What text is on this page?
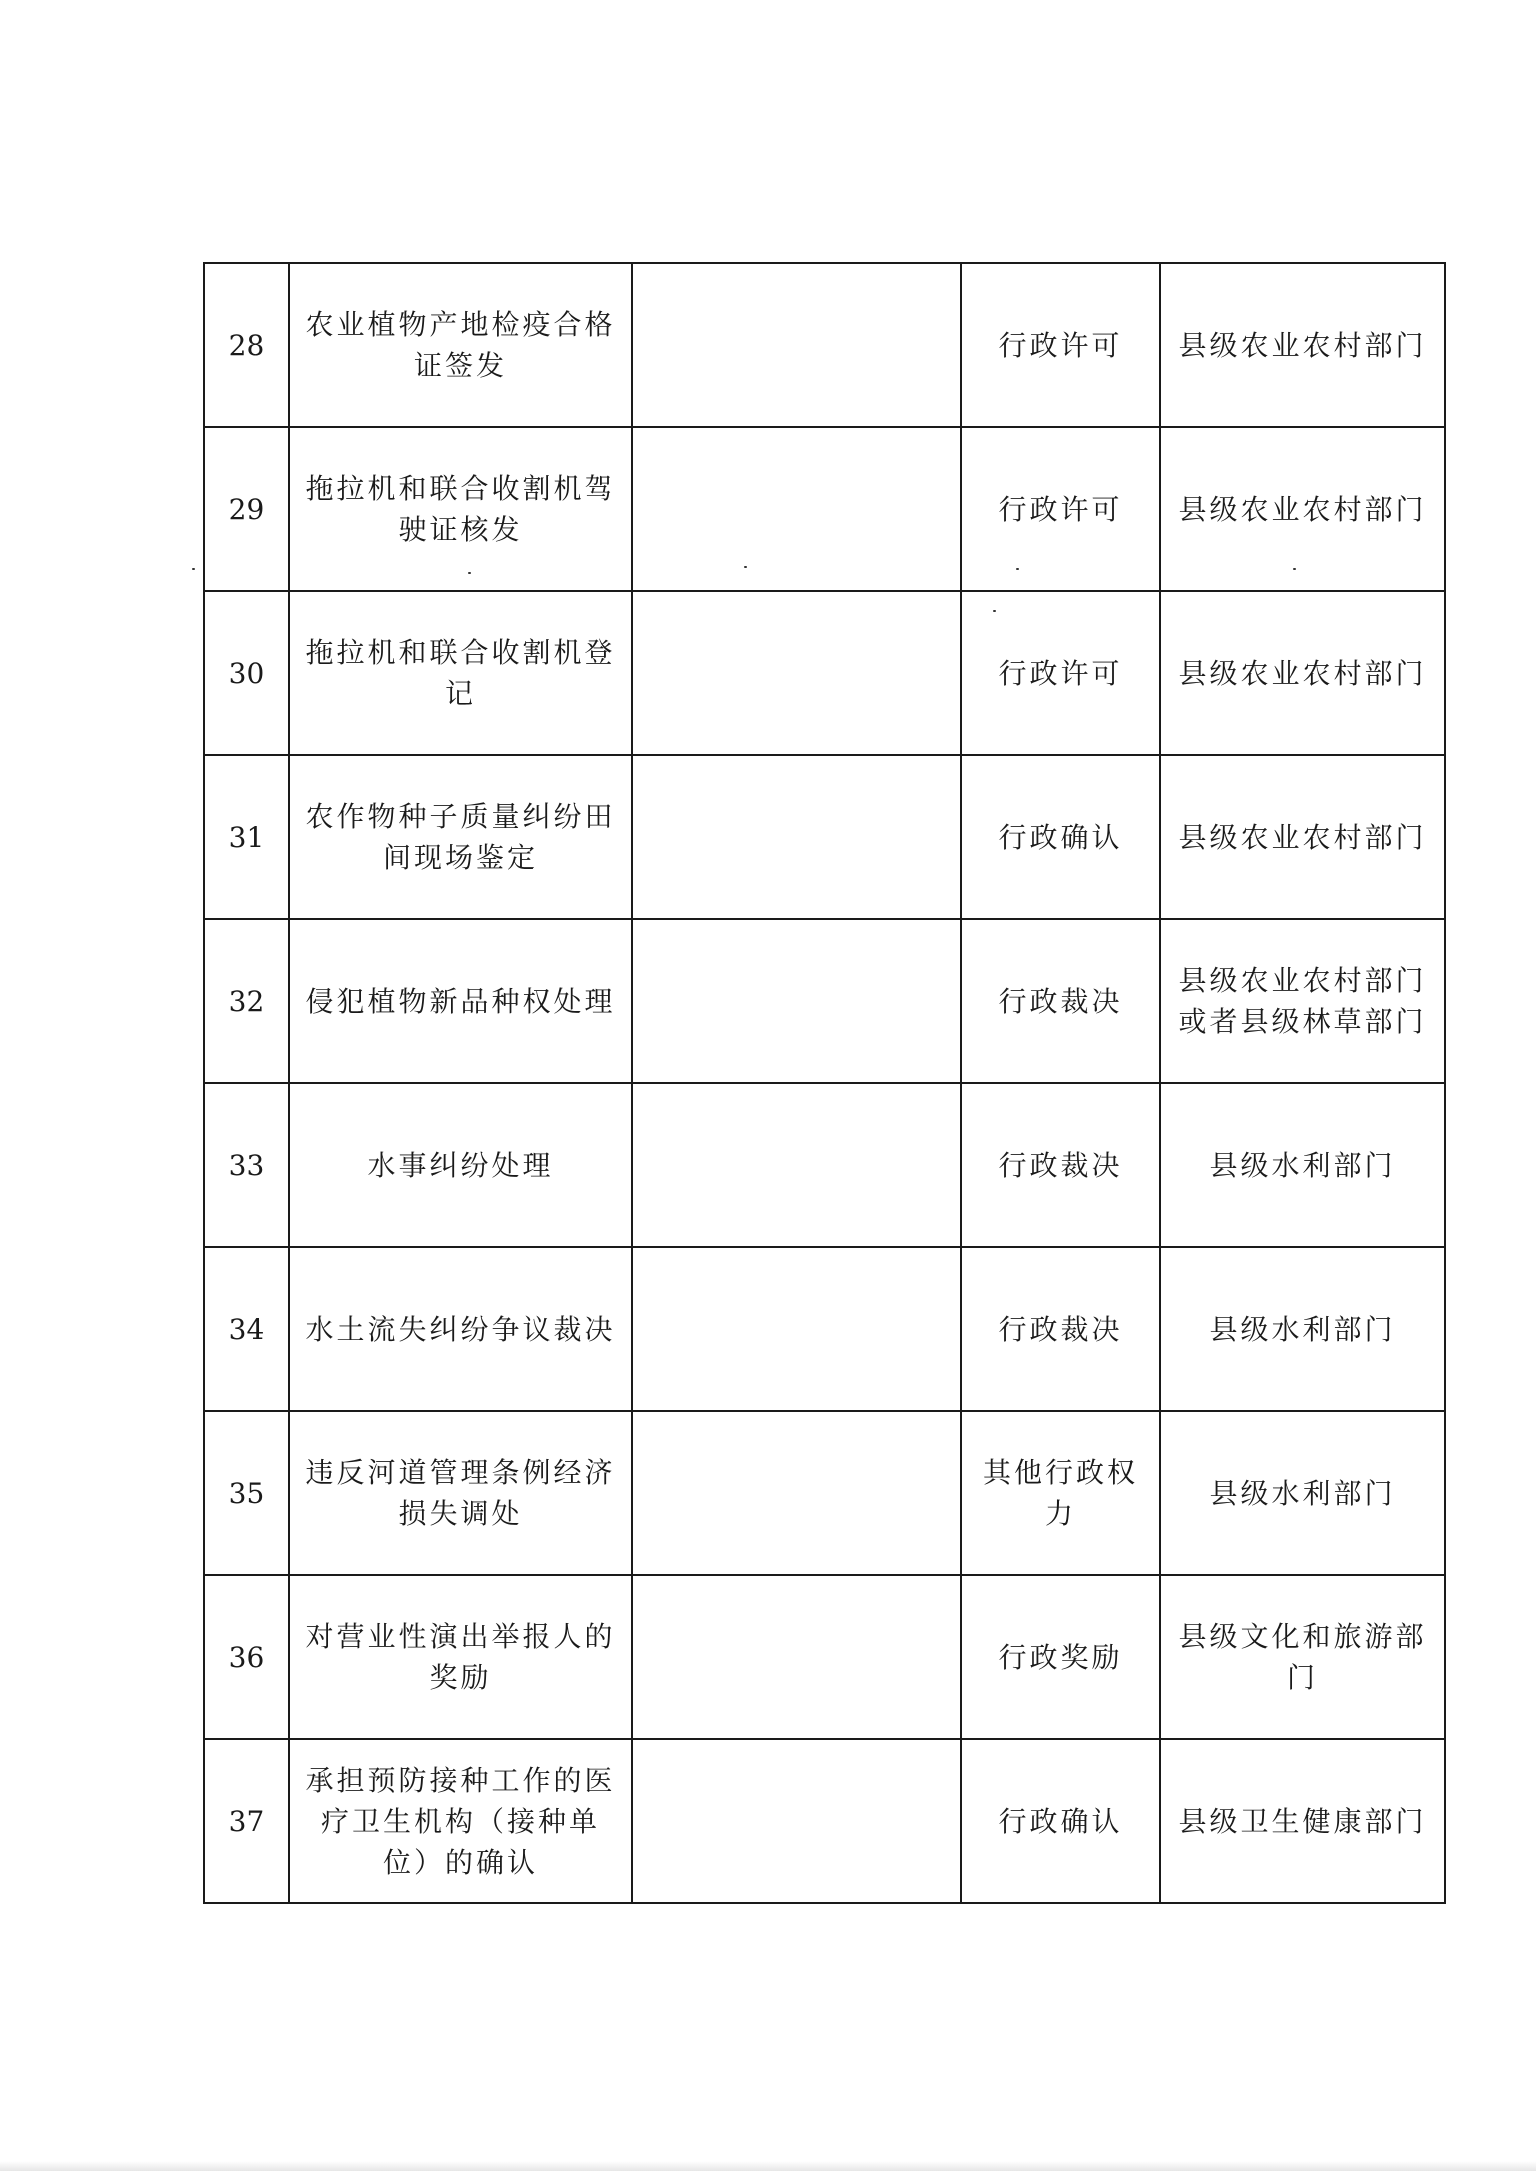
28	农业植物产地检疫合格证签发		行政许可	县级农业农村部门
29	拖拉机和联合收割机驾驶证核发		行政许可	县级农业农村部门
30	拖拉机和联合收割机登记		行政许可	县级农业农村部门
31	农作物种子质量纠纷田间现场鉴定		行政确认	县级农业农村部门
32	侵犯植物新品种权处理		行政裁决	县级农业农村部门或者县级林草部门
33	水事纠纷处理		行政裁决	县级水利部门
34	水土流失纠纷争议裁决		行政裁决	县级水利部门
35	违反河道管理条例经济损失调处		其他行政权力	县级水利部门
36	对营业性演出举报人的奖励		行政奖励	县级文化和旅游部门
37	承担预防接种工作的医疗卫生机构（接种单位）的确认		行政确认	县级卫生健康部门
